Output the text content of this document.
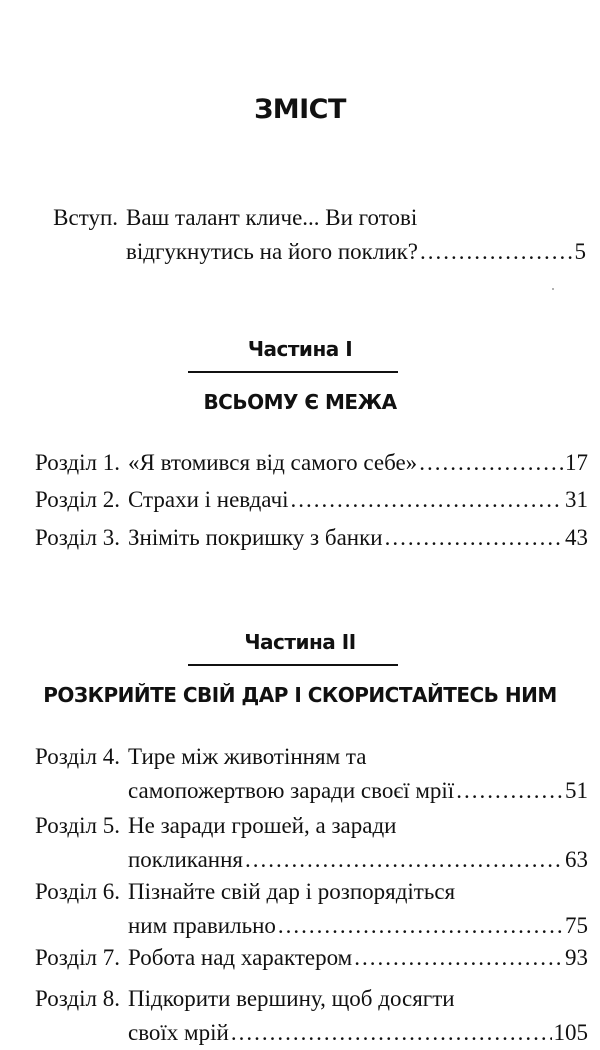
ЗМІСТ
Вступ. Ваш талант кличе... Ви готові
відгукнутись на його поклик? .....	5
Частина І
ВСЬОМУ Є МЕЖА
Розділ 1. «Я втомився від самого себе» .....	17
Розділ 2. Страхи і невдачі .....	31
Розділ 3. Зніміть покришку з банки .....	43
Частина ІІ
РОЗКРИЙТЕ СВІЙ ДАР І СКОРИСТАЙТЕСЬ НИМ
Розділ 4. Тире між животінням та
самопожертвою заради своєї мрії .....	51
Розділ 5. Не заради грошей, а заради
покликання .....	63
Розділ 6. Пізнайте свій дар і розпорядіться
ним правильно .....	75
Розділ 7. Робота над характером .....	93
Розділ 8. Підкорити вершину, щоб досягти
своїх мрій .....	105
